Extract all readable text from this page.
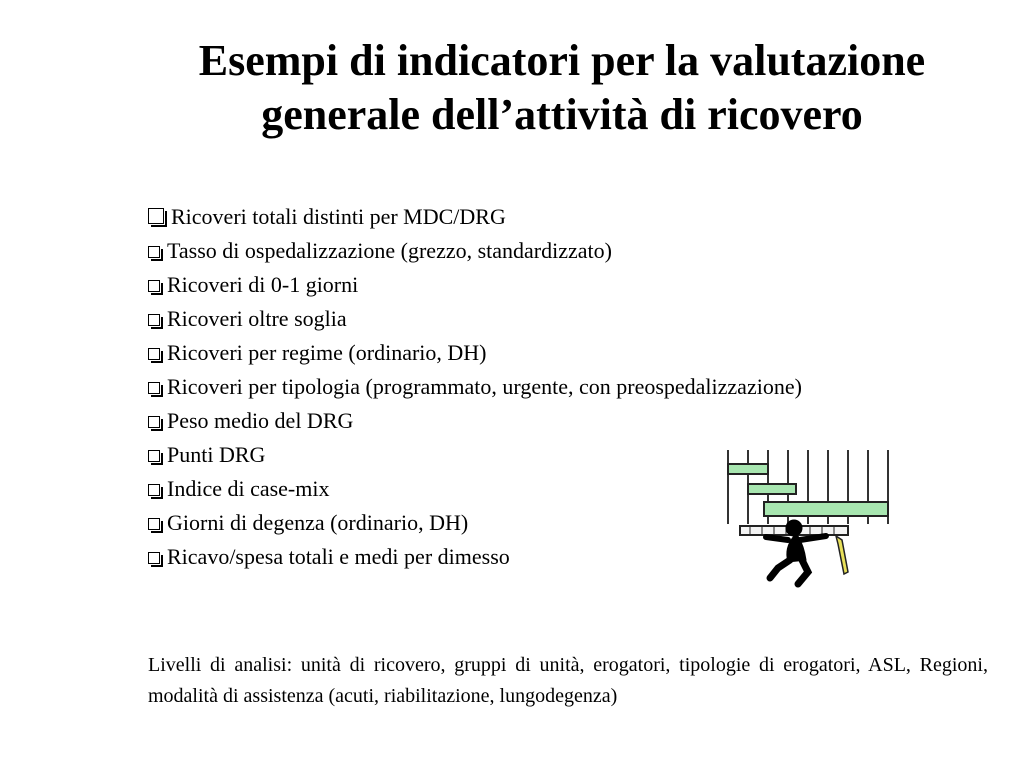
Esempi di indicatori per la valutazione
generale dell’attività di ricovero
Ricoveri totali distinti per MDC/DRG
Tasso di ospedalizzazione (grezzo, standardizzato)
Ricoveri di 0-1 giorni
Ricoveri oltre soglia
Ricoveri per regime (ordinario, DH)
Ricoveri per tipologia (programmato, urgente, con preospedalizzazione)
Peso medio del DRG
Punti DRG
Indice di case-mix
Giorni di degenza (ordinario, DH)
Ricavo/spesa totali e medi per dimesso
Livelli di analisi: unità di ricovero, gruppi di unità, erogatori, tipologie di erogatori, ASL, Regioni, modalità di assistenza (acuti, riabilitazione, lungodegenza)
